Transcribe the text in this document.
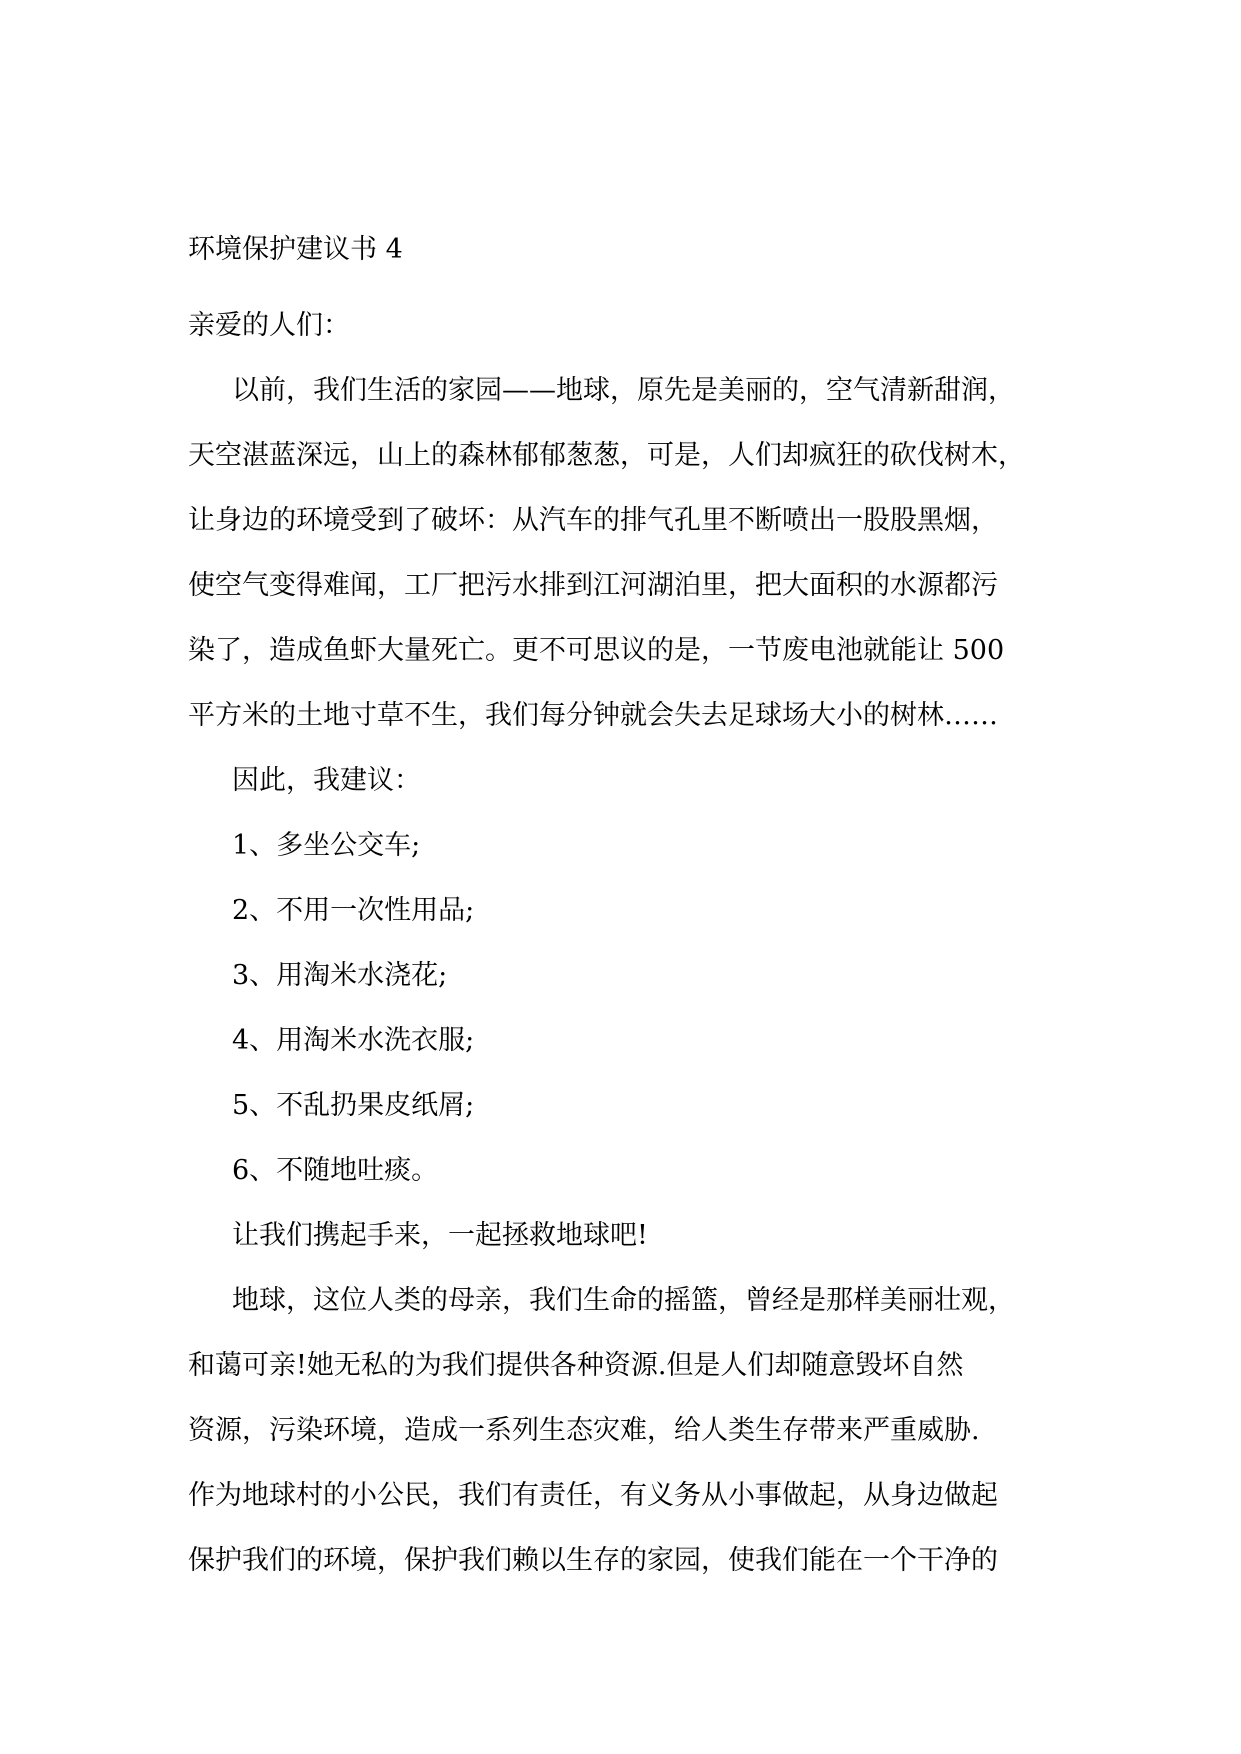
环境保护建议书 4
亲爱的人们：
以前，我们生活的家园——地球，原先是美丽的，空气清新甜润，
天空湛蓝深远，山上的森林郁郁葱葱，可是，人们却疯狂的砍伐树木，
让身边的环境受到了破坏：从汽车的排气孔里不断喷出一股股黑烟，
使空气变得难闻，工厂把污水排到江河湖泊里，把大面积的水源都污
染了，造成鱼虾大量死亡。更不可思议的是，一节废电池就能让 500
平方米的土地寸草不生，我们每分钟就会失去足球场大小的树林……
因此，我建议：
1、多坐公交车;
2、不用一次性用品;
3、用淘米水浇花;
4、用淘米水洗衣服;
5、不乱扔果皮纸屑;
6、不随地吐痰。
让我们携起手来，一起拯救地球吧!
地球，这位人类的母亲，我们生命的摇篮，曾经是那样美丽壮观，
和蔼可亲!她无私的为我们提供各种资源.但是人们却随意毁坏自然
资源，污染环境，造成一系列生态灾难，给人类生存带来严重威胁.
作为地球村的小公民，我们有责任，有义务从小事做起，从身边做起
保护我们的环境，保护我们赖以生存的家园，使我们能在一个干净的
